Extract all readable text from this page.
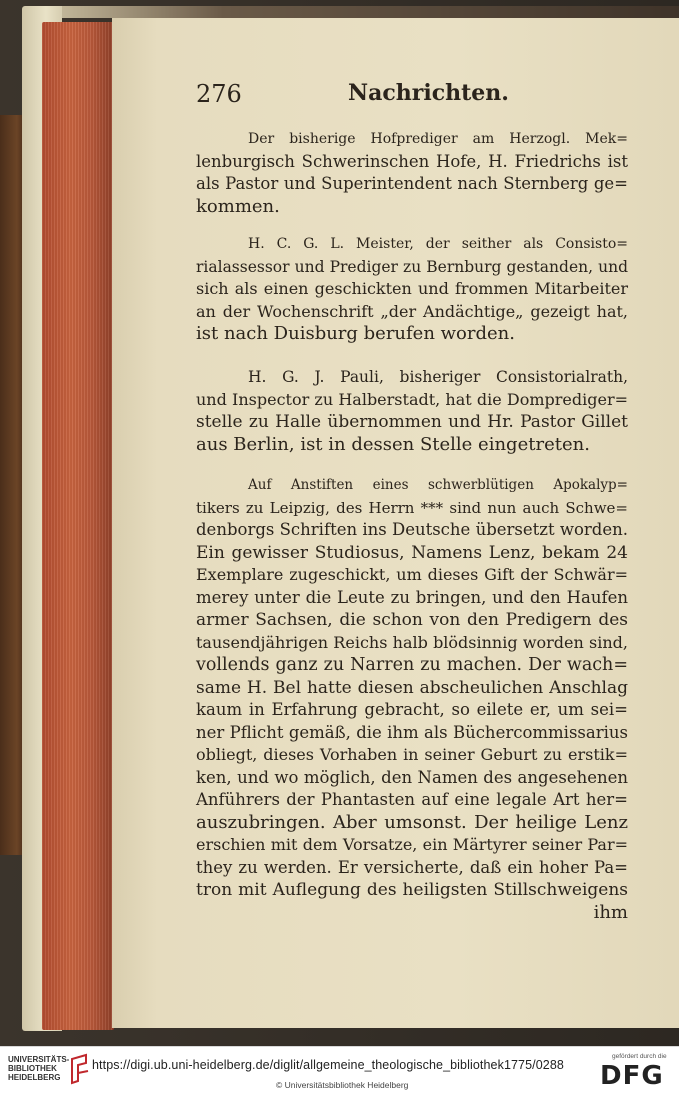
276	Nachrichten.
Der bisherige Hofprediger am Herzogl. Mek=
lenburgisch Schwerinschen Hofe, H. Friedrichs ist
als Pastor und Superintendent nach Sternberg ge=
kommen.
H. C. G. L. Meister, der seither als Consisto=
rialassessor und Prediger zu Bernburg gestanden, und
sich als einen geschickten und frommen Mitarbeiter
an der Wochenschrift „der Andächtige„ gezeigt hat,
ist nach Duisburg berufen worden.
H. G. J. Pauli, bisheriger Consistorialrath,
und Inspector zu Halberstadt, hat die Domprediger=
stelle zu Halle übernommen und Hr. Pastor Gillet
aus Berlin, ist in dessen Stelle eingetreten.
Auf Anstiften eines schwerblütigen Apokalyp=
tikers zu Leipzig, des Herrn *** sind nun auch Schwe=
denborgs Schriften ins Deutsche übersetzt worden.
Ein gewisser Studiosus, Namens Lenz, bekam 24
Exemplare zugeschickt, um dieses Gift der Schwär=
merey unter die Leute zu bringen, und den Haufen
armer Sachsen, die schon von den Predigern des
tausendjährigen Reichs halb blödsinnig worden sind,
vollends ganz zu Narren zu machen. Der wach=
same H. Bel hatte diesen abscheulichen Anschlag
kaum in Erfahrung gebracht, so eilete er, um sei=
ner Pflicht gemäß, die ihm als Büchercommissarius
obliegt, dieses Vorhaben in seiner Geburt zu erstik=
ken, und wo möglich, den Namen des angesehenen
Anführers der Phantasten auf eine legale Art her=
auszubringen. Aber umsonst. Der heilige Lenz
erschien mit dem Vorsatze, ein Märtyrer seiner Par=
they zu werden. Er versicherte, daß ein hoher Pa=
tron mit Auflegung des heiligsten Stillschweigens
ihm
UNIVERSITÄTS-
BIBLIOTHEK
HEIDELBERG
https://digi.ub.uni-heidelberg.de/diglit/allgemeine_theologische_bibliothek1775/0288
© Universitätsbibliothek Heidelberg
gefördert durch die
DFG
